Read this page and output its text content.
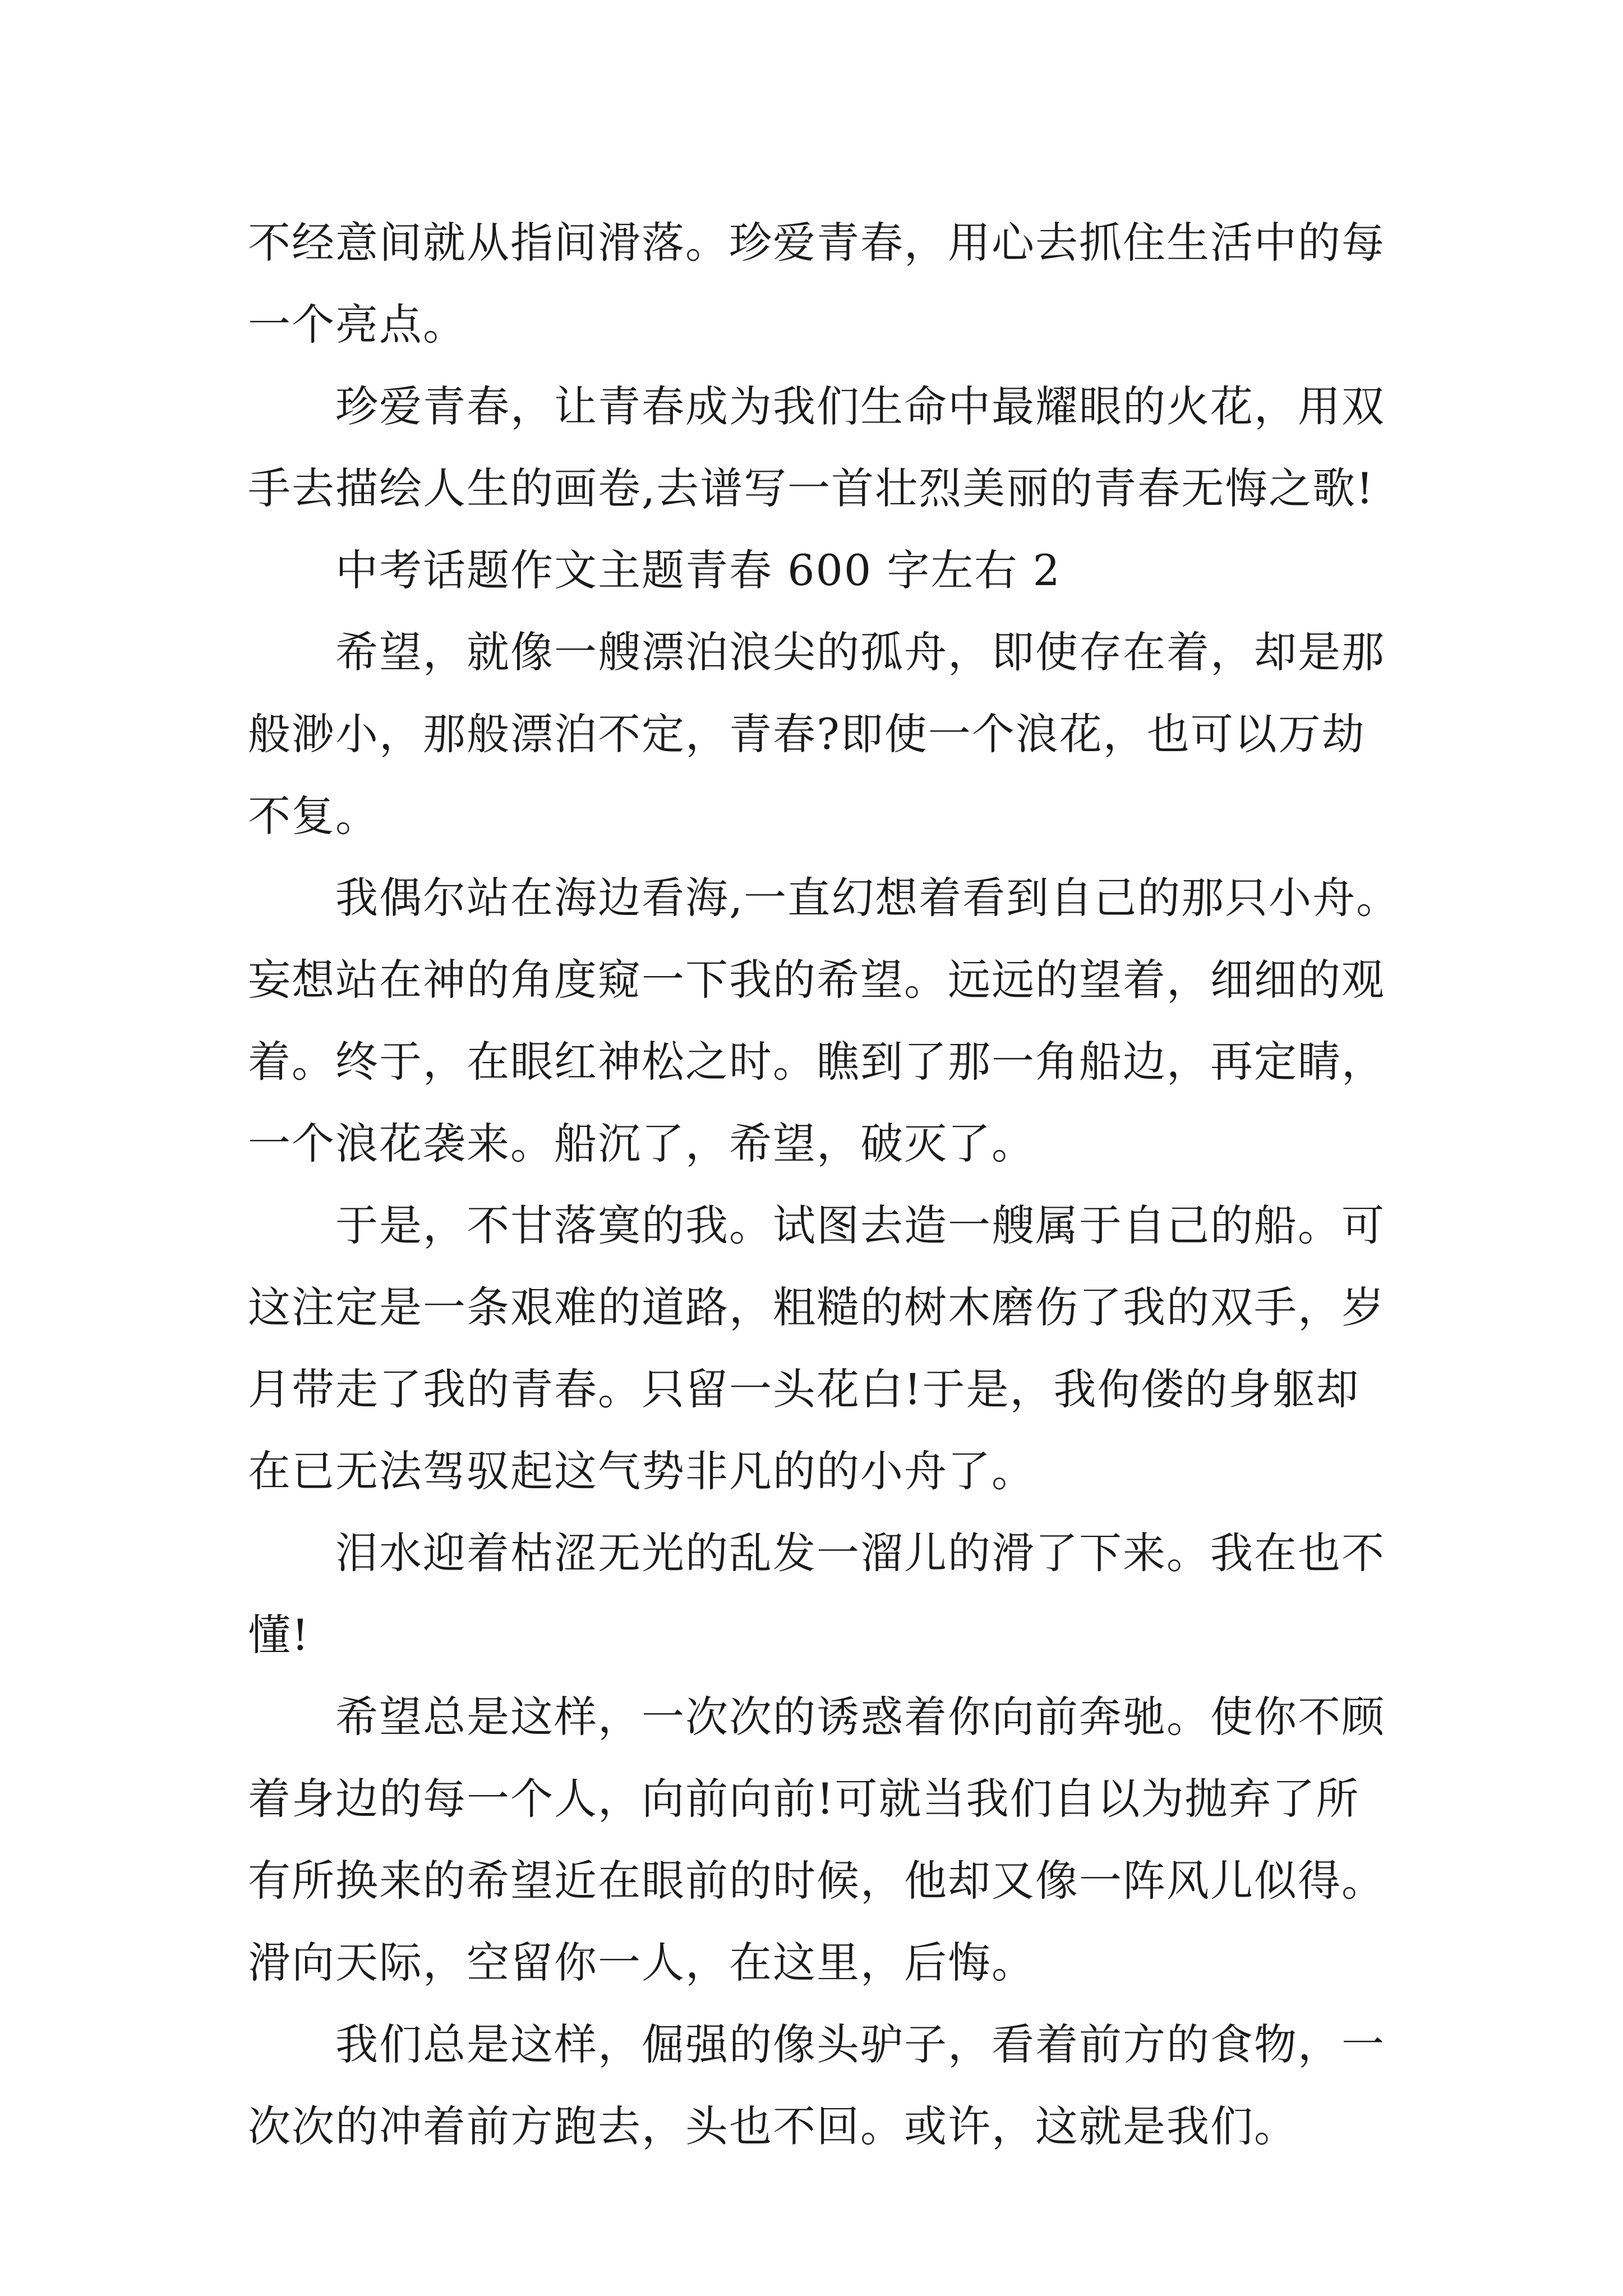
不经意间就从指间滑落。珍爱青春，用心去抓住生活中的每
一个亮点。
珍爱青春，让青春成为我们生命中最耀眼的火花，用双
手去描绘人生的画卷,去谱写一首壮烈美丽的青春无悔之歌!
中考话题作文主题青春 600 字左右 2
希望，就像一艘漂泊浪尖的孤舟，即使存在着，却是那
般渺小，那般漂泊不定，青春?即使一个浪花，也可以万劫
不复。
我偶尔站在海边看海,一直幻想着看到自己的那只小舟。
妄想站在神的角度窥一下我的希望。远远的望着，细细的观
着。终于，在眼红神松之时。瞧到了那一角船边，再定睛，
一个浪花袭来。船沉了，希望，破灭了。
于是，不甘落寞的我。试图去造一艘属于自己的船。可
这注定是一条艰难的道路，粗糙的树木磨伤了我的双手，岁
月带走了我的青春。只留一头花白!于是，我佝偻的身躯却
在已无法驾驭起这气势非凡的的小舟了。
泪水迎着枯涩无光的乱发一溜儿的滑了下来。我在也不
懂!
希望总是这样，一次次的诱惑着你向前奔驰。使你不顾
着身边的每一个人，向前向前!可就当我们自以为抛弃了所
有所换来的希望近在眼前的时候，他却又像一阵风儿似得。
滑向天际，空留你一人，在这里，后悔。
我们总是这样，倔强的像头驴子，看着前方的食物，一
次次的冲着前方跑去，头也不回。或许，这就是我们。
